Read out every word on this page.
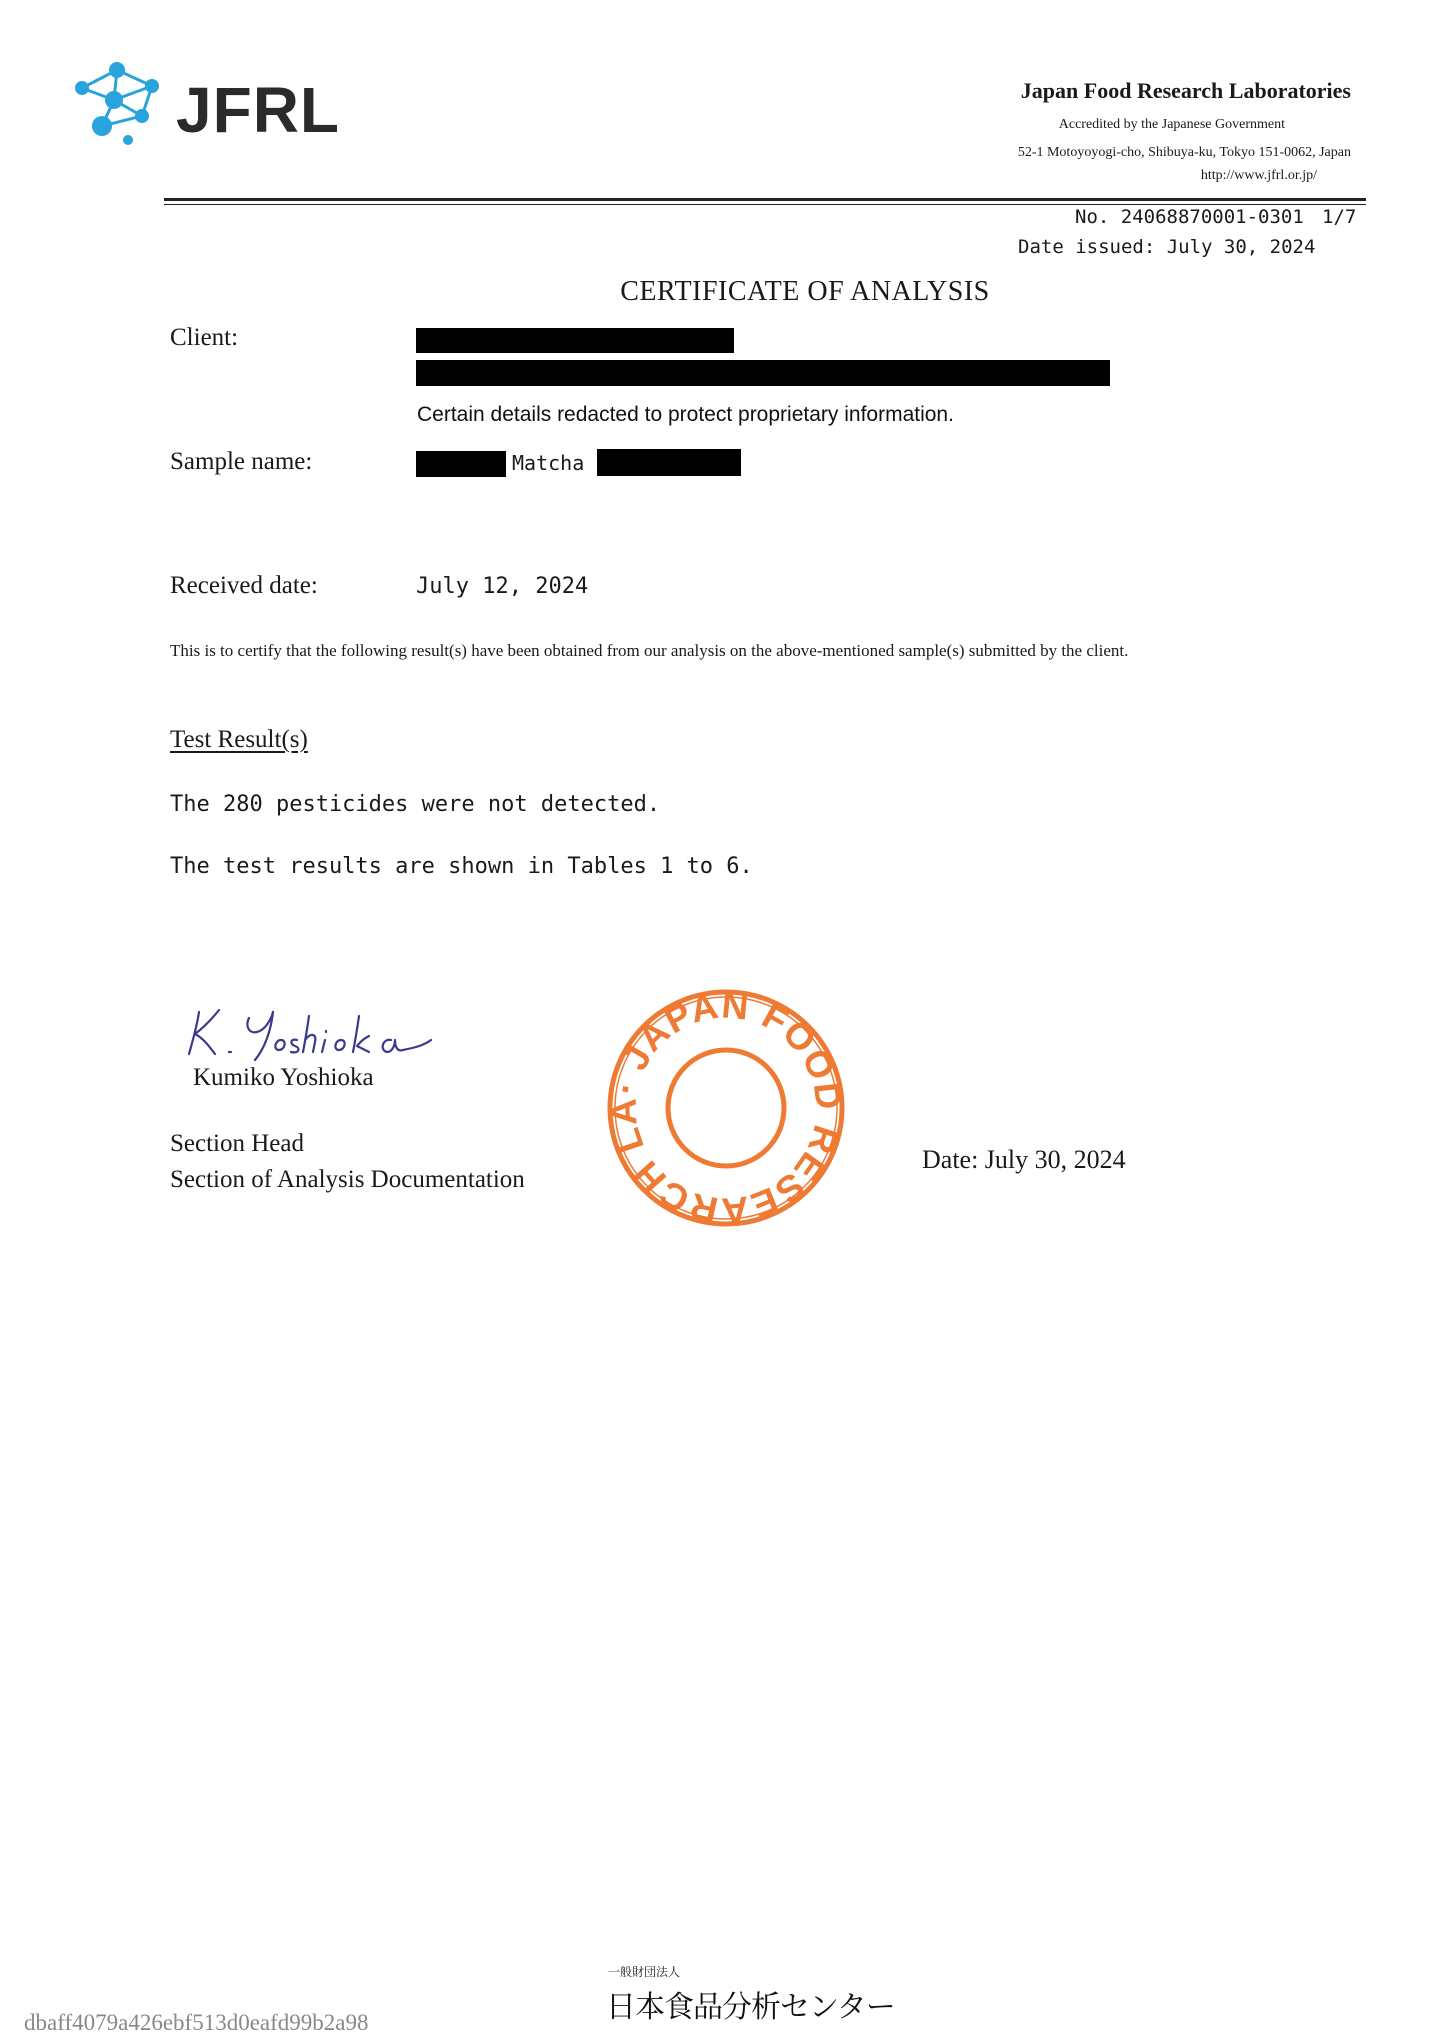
JFRL	Japan Food Research Laboratories
Accredited by the Japanese Government
52-1 Motoyoyogi-cho, Shibuya-ku, Tokyo 151-0062, Japan
http://www.jfrl.or.jp/
No. 24068870001-0301 1/7
Date issued: July 30, 2024
CERTIFICATE OF ANALYSIS
Client:
Certain details redacted to protect proprietary information.
Sample name:	Matcha
Received date:	July 12, 2024
This is to certify that the following result(s) have been obtained from our analysis on the above-mentioned sample(s) submitted by the client.
Test Result(s)
The 280 pesticides were not detected.
The test results are shown in Tables 1 to 6.
Kumiko Yoshioka
Section Head
Section of Analysis Documentation
· JAPAN FOOD RESEARCH LA
Date: July 30, 2024
一般財団法人
日本食品分析センター
dbaff4079a426ebf513d0eafd99b2a98
